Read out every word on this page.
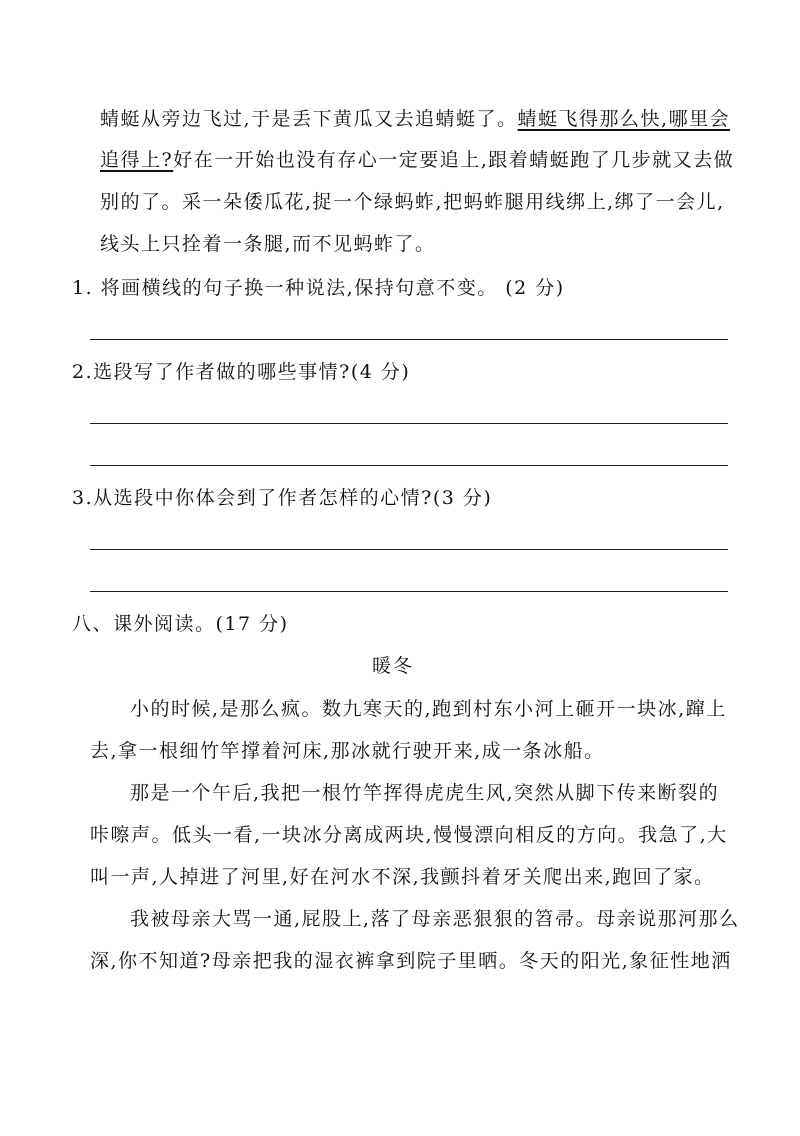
蜻蜓从旁边飞过,于是丢下黄瓜又去追蜻蜓了。蜻蜓飞得那么快,哪里会
追得上?好在一开始也没有存心一定要追上,跟着蜻蜓跑了几步就又去做
别的了。采一朵倭瓜花,捉一个绿蚂蚱,把蚂蚱腿用线绑上,绑了一会儿,
线头上只拴着一条腿,而不见蚂蚱了。
1. 将画横线的句子换一种说法,保持句意不变。 (2 分)
2.选段写了作者做的哪些事情?(4 分)
3.从选段中你体会到了作者怎样的心情?(3 分)
八、课外阅读。(17 分)
暖冬
小的时候,是那么疯。数九寒天的,跑到村东小河上砸开一块冰,蹿上
去,拿一根细竹竿撑着河床,那冰就行驶开来,成一条冰船。
那是一个午后,我把一根竹竿挥得虎虎生风,突然从脚下传来断裂的
咔嚓声。低头一看,一块冰分离成两块,慢慢漂向相反的方向。我急了,大
叫一声,人掉进了河里,好在河水不深,我颤抖着牙关爬出来,跑回了家。
我被母亲大骂一通,屁股上,落了母亲恶狠狠的笤帚。母亲说那河那么
深,你不知道?母亲把我的湿衣裤拿到院子里晒。冬天的阳光,象征性地洒
